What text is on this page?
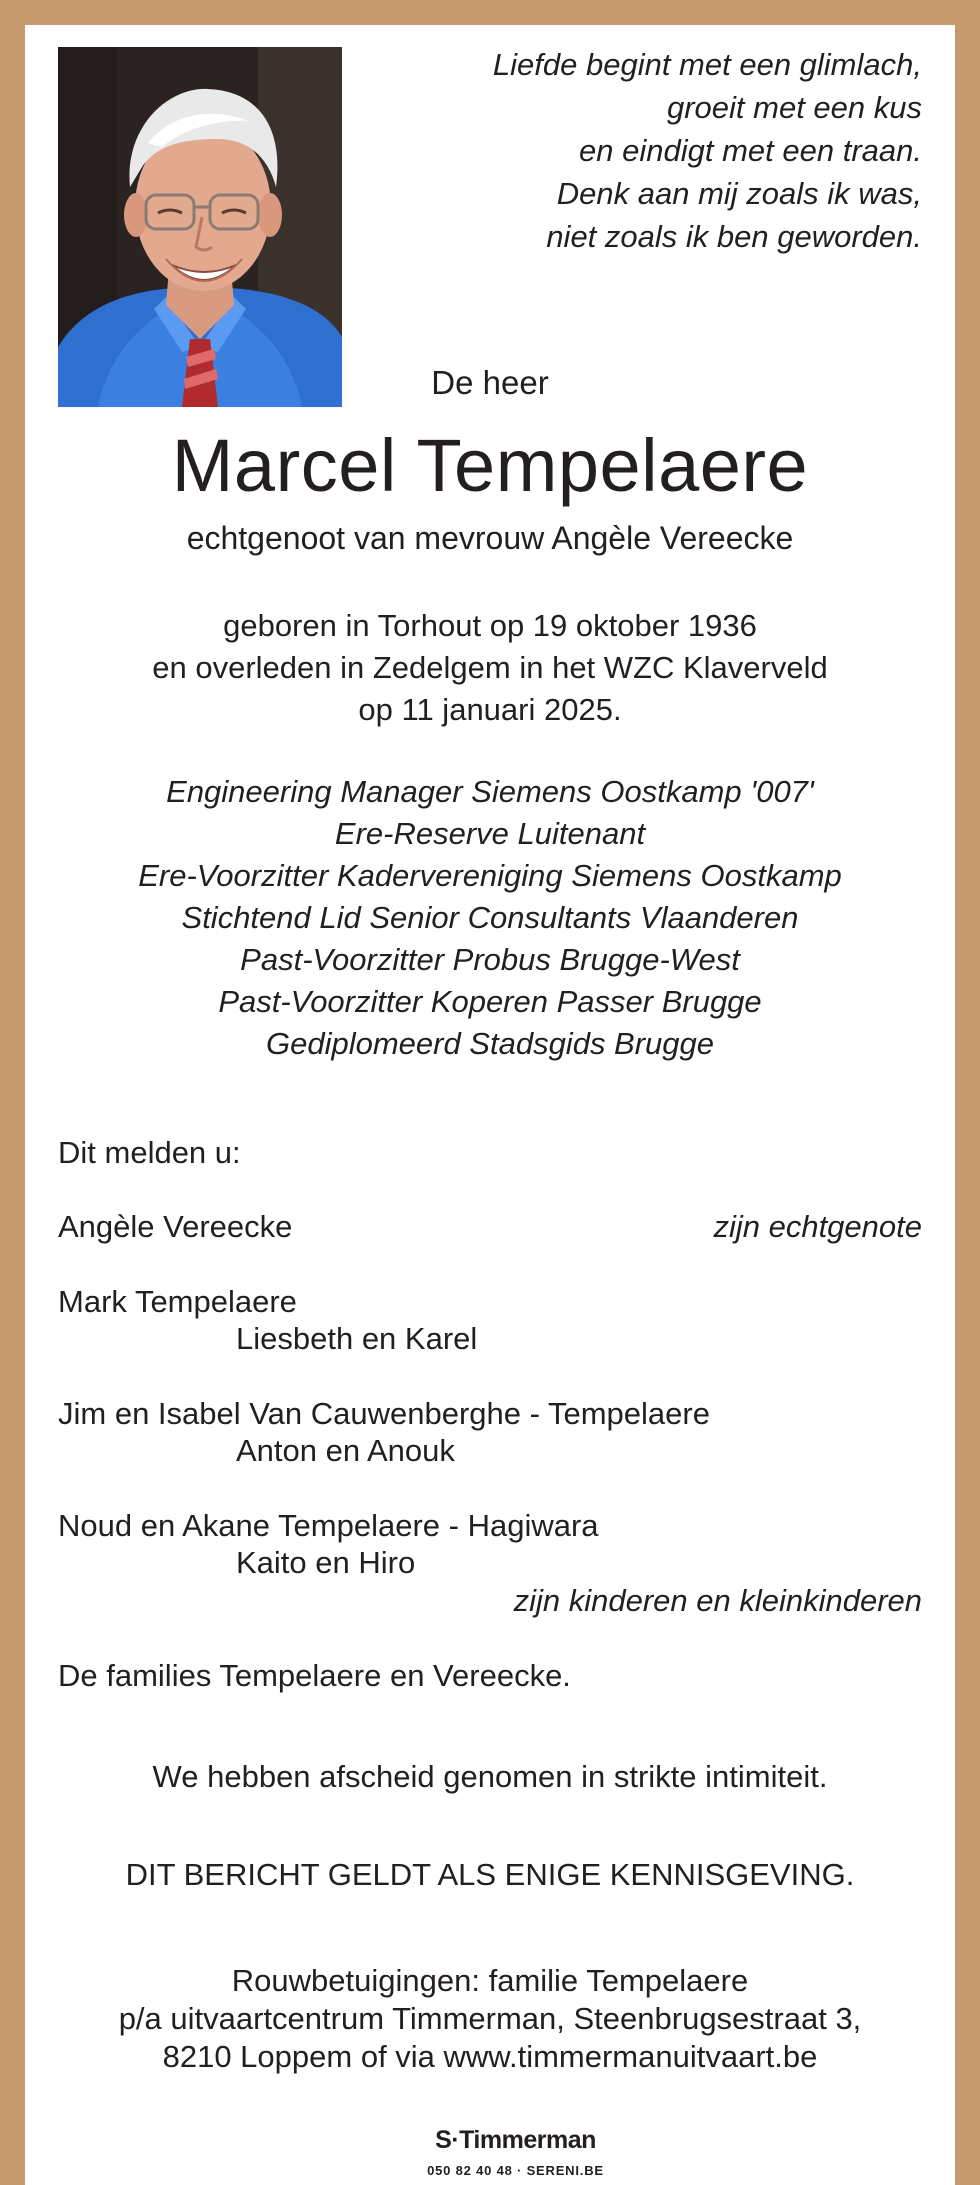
Liefde begint met een glimlach,
groeit met een kus
en eindigt met een traan.
Denk aan mij zoals ik was,
niet zoals ik ben geworden.
De heer
Marcel Tempelaere
echtgenoot van mevrouw Angèle Vereecke
geboren in Torhout op 19 oktober 1936
en overleden in Zedelgem in het WZC Klaverveld
op 11 januari 2025.
Engineering Manager Siemens Oostkamp '007'
Ere-Reserve Luitenant
Ere-Voorzitter Kadervereniging Siemens Oostkamp
Stichtend Lid Senior Consultants Vlaanderen
Past-Voorzitter Probus Brugge-West
Past-Voorzitter Koperen Passer Brugge
Gediplomeerd Stadsgids Brugge
Dit melden u:
Angèle Vereecke	zijn echtgenote
Mark Tempelaere
Liesbeth en Karel
Jim en Isabel Van Cauwenberghe - Tempelaere
Anton en Anouk
Noud en Akane Tempelaere - Hagiwara
Kaito en Hiro
zijn kinderen en kleinkinderen
De families Tempelaere en Vereecke.
We hebben afscheid genomen in strikte intimiteit.
DIT BERICHT GELDT ALS ENIGE KENNISGEVING.
Rouwbetuigingen: familie Tempelaere
p/a uitvaartcentrum Timmerman, Steenbrugsestraat 3,
8210 Loppem of via www.timmermanuitvaart.be
S·Timmerman
050 82 40 48 · SERENI.BE
